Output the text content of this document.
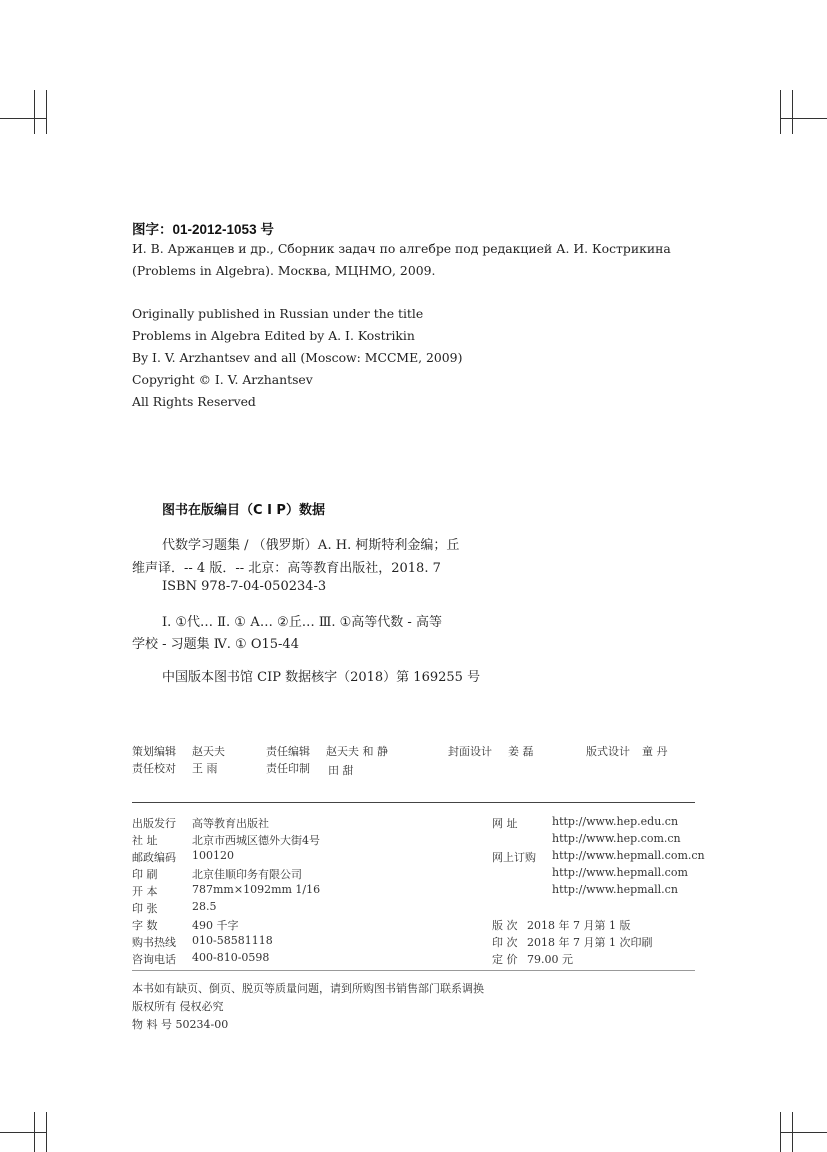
图字：01-2012-1053 号
И. В. Аржанцев и др., Сборник задач по алгебре под редакцией А. И. Кострикина
(Problems in Algebra). Москва, МЦНМО, 2009.
Originally published in Russian under the title
Problems in Algebra Edited by A. I. Kostrikin
By I. V. Arzhantsev and all (Moscow: MCCME, 2009)
Copyright © I. V. Arzhantsev
All Rights Reserved
图书在版编目（C I P）数据
代数学习题集 / （俄罗斯）А. Н. 柯斯特利金编；丘
维声译．-- 4 版．-- 北京：高等教育出版社，2018. 7
ISBN 978-7-04-050234-3
Ⅰ. ①代… Ⅱ. ① А… ②丘… Ⅲ. ①高等代数 - 高等
学校 - 习题集 Ⅳ. ① O15-44
中国版本图书馆 CIP 数据核字（2018）第 169255 号
策划编辑 赵天夫	责任编辑 赵天夫 和 静	封面设计 姜 磊	版式设计 童 丹
责任校对 王 雨	责任印制 田 甜
出版发行 高等教育出版社
社 址	北京市西城区德外大街4号
邮政编码 100120
印 刷	北京佳顺印务有限公司
开 本	787mm×1092mm 1/16
印 张	28.5
字 数	490 千字
购书热线 010-58581118
咨询电话 400-810-0598
网 址	http://www.hep.edu.cn
http://www.hep.com.cn
网上订购 http://www.hepmall.com.cn
http://www.hepmall.com
http://www.hepmall.cn
版 次 2018 年 7 月第 1 版
印 次 2018 年 7 月第 1 次印刷
定 价 79.00 元
本书如有缺页、倒页、脱页等质量问题，请到所购图书销售部门联系调换
版权所有 侵权必究
物 料 号 50234-00
